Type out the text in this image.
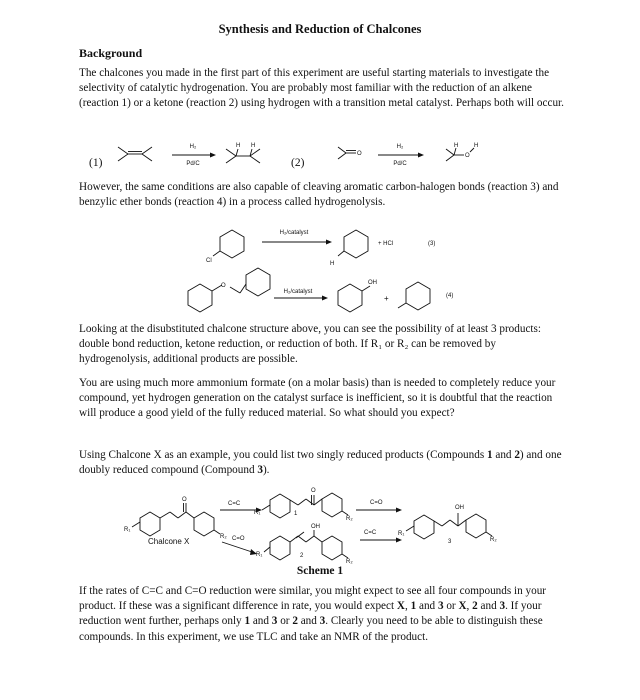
Synthesis and Reduction of Chalcones
Background
The chalcones you made in the first part of this experiment are useful starting materials to investigate the selectivity of catalytic hydrogenation. You are probably most familiar with the reduction of an alkene (reaction 1) or a ketone (reaction 2) using hydrogen with a transition metal catalyst. Perhaps both will occur.
(1)	(2)
H₂
Pd/C
H H
O
H₂
Pd/C
H
O
H
However, the same conditions are also capable of cleaving aromatic carbon-halogen bonds (reaction 3) and benzylic ether bonds (reaction 4) in a process called hydrogenolysis.
Cl
H₂/catalyst
H
+ HCl	(3)
O
H₂/catalyst
OH
+	(4)
Looking at the disubstituted chalcone structure above, you can see the possibility of at least 3 products: double bond reduction, ketone reduction, or reduction of both. If R₁ or R₂ can be removed by hydrogenolysis, additional products are possible.
You are using much more ammonium formate (on a molar basis) than is needed to completely reduce your compound, yet hydrogen generation on the catalyst surface is inefficient, so it is doubtful that the reaction will produce a good yield of the fully reduced material. So what should you expect?
Using Chalcone X as an example, you could list two singly reduced products (Compounds 1 and 2) and one doubly reduced compound (Compound 3).
R₁
O
R₂
Chalcone X
C=C
C=O
R₁
O
R₂
1
R₁
OH
R₂
2
C=O
C=C	R₁
OH
R₂
3
Scheme 1
If the rates of C=C and C=O reduction were similar, you might expect to see all four compounds in your product. If these was a significant difference in rate, you would expect X, 1 and 3 or X, 2 and 3. If your reduction went further, perhaps only 1 and 3 or 2 and 3. Clearly you need to be able to distinguish these compounds. In this experiment, we use TLC and take an NMR of the product.
